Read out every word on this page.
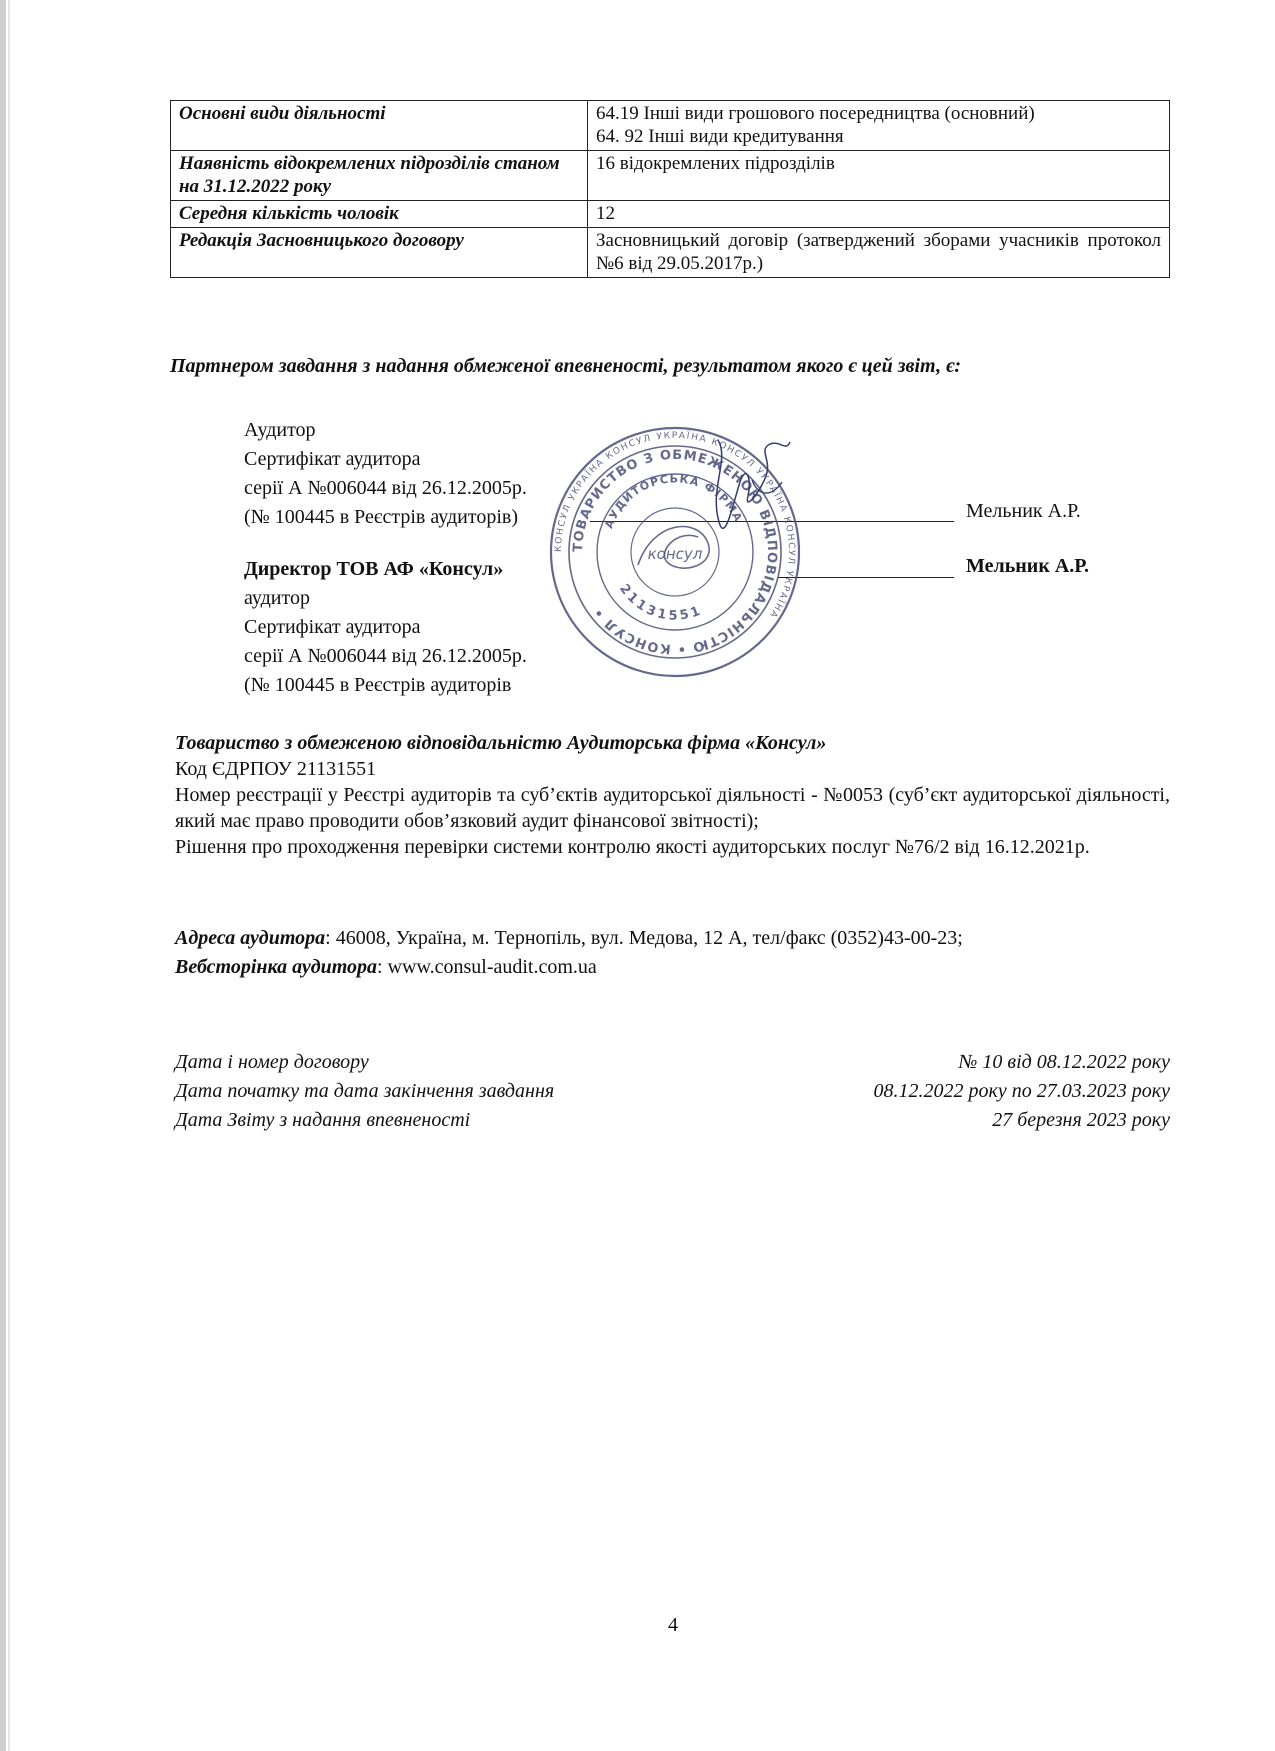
Основні види діяльності	64.19 Інші види грошового посередництва (основний)
64. 92 Інші види кредитування

Наявність відокремлених підрозділів станом на 31.12.2022 року	16 відокремлених підрозділів

Середня кількість чоловік	12

Редакція Засновницького договору	Засновницький договір (затверджений зборами учасників протокол №6 від 29.05.2017р.)
Партнером завдання з надання обмеженої впевненості, результатом якого є цей звіт, є:
Аудитор
Сертифікат аудитора
серії А №006044 від 26.12.2005р.
(№ 100445 в Реєстрів аудиторів)	Мельник А.Р.
Директор ТОВ АФ «Консул»
аудитор
Сертифікат аудитора
серії А №006044 від 26.12.2005р.
(№ 100445 в Реєстрів аудиторів
Мельник А.Р.
КОНСУЛ УКРАЇНА КОНСУЛ УКРАЇНА КОНСУЛ УКРАЇНА КОНСУЛ УКРАЇНА
ТОВАРИСТВО З ОБМЕЖЕНОЮ ВІДПОВІДАЛЬНІСТЮ • КОНСУЛ •
АУДИТОРСЬКА ФІРМА
21131551
консул

Товариство з обмеженою відповідальністю Аудиторська фірма «Консул»

Код ЄДРПОУ 21131551

Номер реєстрації у Реєстрі аудиторів та суб’єктів аудиторської діяльності - №0053 (суб’єкт аудиторської діяльності, який має право проводити обов’язковий аудит фінансової звітності);

Рішення про проходження перевірки системи контролю якості аудиторських послуг №76/2 від 16.12.2021р.

Адреса аудитора: 46008, Україна, м. Тернопіль, вул. Медова, 12 А, тел/факс (0352)43-00-23;

Вебсторінка аудитора: www.consul-audit.com.ua

Дата і номер договору	№ 10 від 08.12.2022 року
Дата початку та дата закінчення завдання	08.12.2022 року по 27.03.2023 року
Дата Звіту з надання впевненості	27 березня 2023 року
4
